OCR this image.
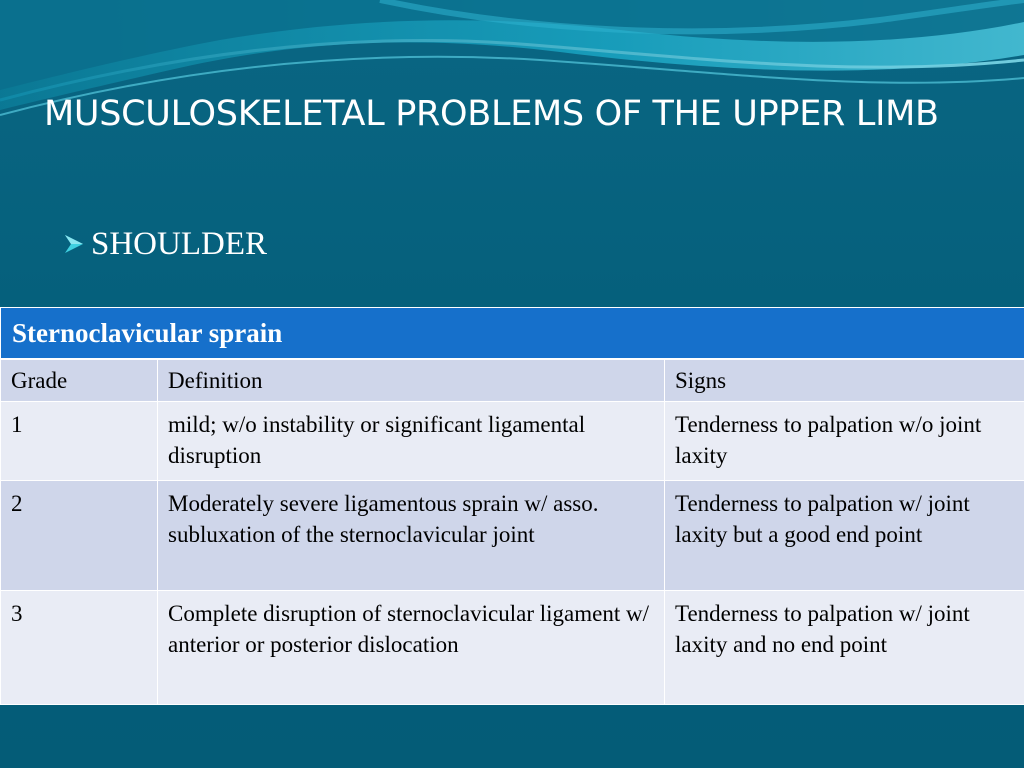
MUSCULOSKELETAL PROBLEMS OF THE UPPER LIMB
SHOULDER
Sternoclavicular sprain		
Grade	Definition	Signs
1	mild; w/o instability or significant ligamental disruption	Tenderness to palpation w/o joint laxity
2	Moderately severe ligamentous sprain w/ asso. subluxation of the sternoclavicular joint	Tenderness to palpation w/ joint laxity but a good end point
3	Complete disruption of sternoclavicular ligament w/ anterior or posterior dislocation	Tenderness to palpation w/ joint laxity and no end point
